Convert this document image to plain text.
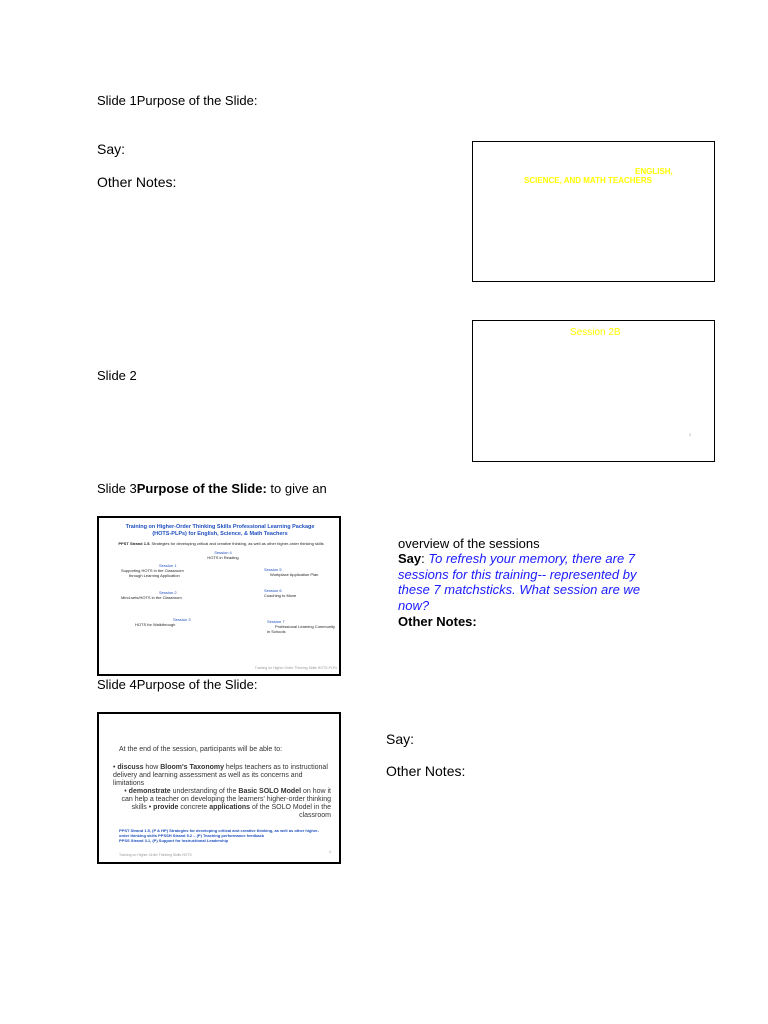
Slide 1Purpose of the Slide:
Say:
Other Notes:
ENGLISH,
SCIENCE, AND MATH TEACHERS
Session 2B
2
Slide 2
Slide 3Purpose of the Slide: to give an
Training on Higher-Order Thinking Skills Professional Learning Package
(HOTS-PLPs) for English, Science, & Math Teachers
PPST Strand 1.5. Strategies for developing critical and creative thinking, as well as other higher-order thinking skills
Session 4
HOTS in Reading
Session 1
Supporting HOTS in the Classroom
through Learning Application
Session 5
Workplace Application Plan
Session 2
Mind-sets/HOTS in the Classroom
Session 6
Coaching to Move
Session 3
HOTS for Walkthrough
Session 7
Professional Learning Community
in Schools
Training on Higher-Order Thinking Skills HOTS-PLPs
overview of the sessions
Say: To refresh your memory, there are 7 sessions for this training-- represented by these 7 matchsticks. What session are we now?
Other Notes:
Slide 4Purpose of the Slide:
At the end of the session, participants will be able to:
• discuss how Bloom's Taxonomy helps teachers as to instructional delivery and learning assessment as well as its concerns and limitations
• demonstrate understanding of the Basic SOLO Model on how it can help a teacher on developing the learners' higher-order thinking skills • provide concrete applications of the SOLO Model in the classroom
PPST Strand 1.5, (P & HP) Strategies for developing critical and creative thinking, as well as other higher-order thinking skills PPSSH Strand 5.2 – (P) Teaching performance feedback
PPSS Strand 3.1, (P) Support for Instructional Leadership
Training on Higher-Order Thinking Skills HOTS
4
Say:
Other Notes:
